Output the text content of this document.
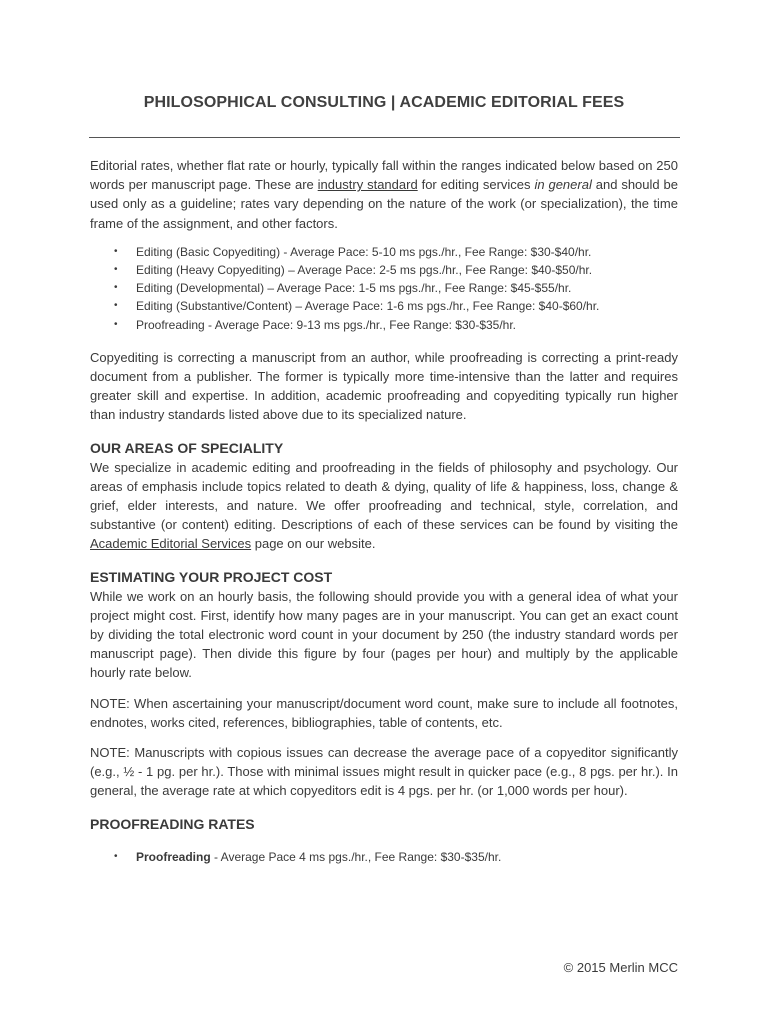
PHILOSOPHICAL CONSULTING | ACADEMIC EDITORIAL FEES

Editorial rates, whether flat rate or hourly, typically fall within the ranges indicated below based on 250 words per manuscript page. These are industry standard for editing services in general and should be used only as a guideline; rates vary depending on the nature of the work (or specialization), the time frame of the assignment, and other factors.

• Editing (Basic Copyediting) - Average Pace: 5-10 ms pgs./hr., Fee Range: $30-$40/hr.
• Editing (Heavy Copyediting) – Average Pace: 2-5 ms pgs./hr., Fee Range: $40-$50/hr.
• Editing (Developmental) – Average Pace: 1-5 ms pgs./hr., Fee Range: $45-$55/hr.
• Editing (Substantive/Content) – Average Pace: 1-6 ms pgs./hr., Fee Range: $40-$60/hr.
• Proofreading - Average Pace: 9-13 ms pgs./hr., Fee Range: $30-$35/hr.

Copyediting is correcting a manuscript from an author, while proofreading is correcting a print-ready document from a publisher. The former is typically more time-intensive than the latter and requires greater skill and expertise. In addition, academic proofreading and copyediting typically run higher than industry standards listed above due to its specialized nature.

OUR AREAS OF SPECIALITY

We specialize in academic editing and proofreading in the fields of philosophy and psychology. Our areas of emphasis include topics related to death & dying, quality of life & happiness, loss, change & grief, elder interests, and nature. We offer proofreading and technical, style, correlation, and substantive (or content) editing. Descriptions of each of these services can be found by visiting the Academic Editorial Services page on our website.

ESTIMATING YOUR PROJECT COST

While we work on an hourly basis, the following should provide you with a general idea of what your project might cost. First, identify how many pages are in your manuscript. You can get an exact count by dividing the total electronic word count in your document by 250 (the industry standard words per manuscript page). Then divide this figure by four (pages per hour) and multiply by the applicable hourly rate below.

NOTE: When ascertaining your manuscript/document word count, make sure to include all footnotes, endnotes, works cited, references, bibliographies, table of contents, etc.

NOTE: Manuscripts with copious issues can decrease the average pace of a copyeditor significantly (e.g., ½ - 1 pg. per hr.). Those with minimal issues might result in quicker pace (e.g., 8 pgs. per hr.). In general, the average rate at which copyeditors edit is 4 pgs. per hr. (or 1,000 words per hour).

PROOFREADING RATES
• Proofreading - Average Pace 4 ms pgs./hr., Fee Range: $30-$35/hr.
© 2015 Merlin MCC
